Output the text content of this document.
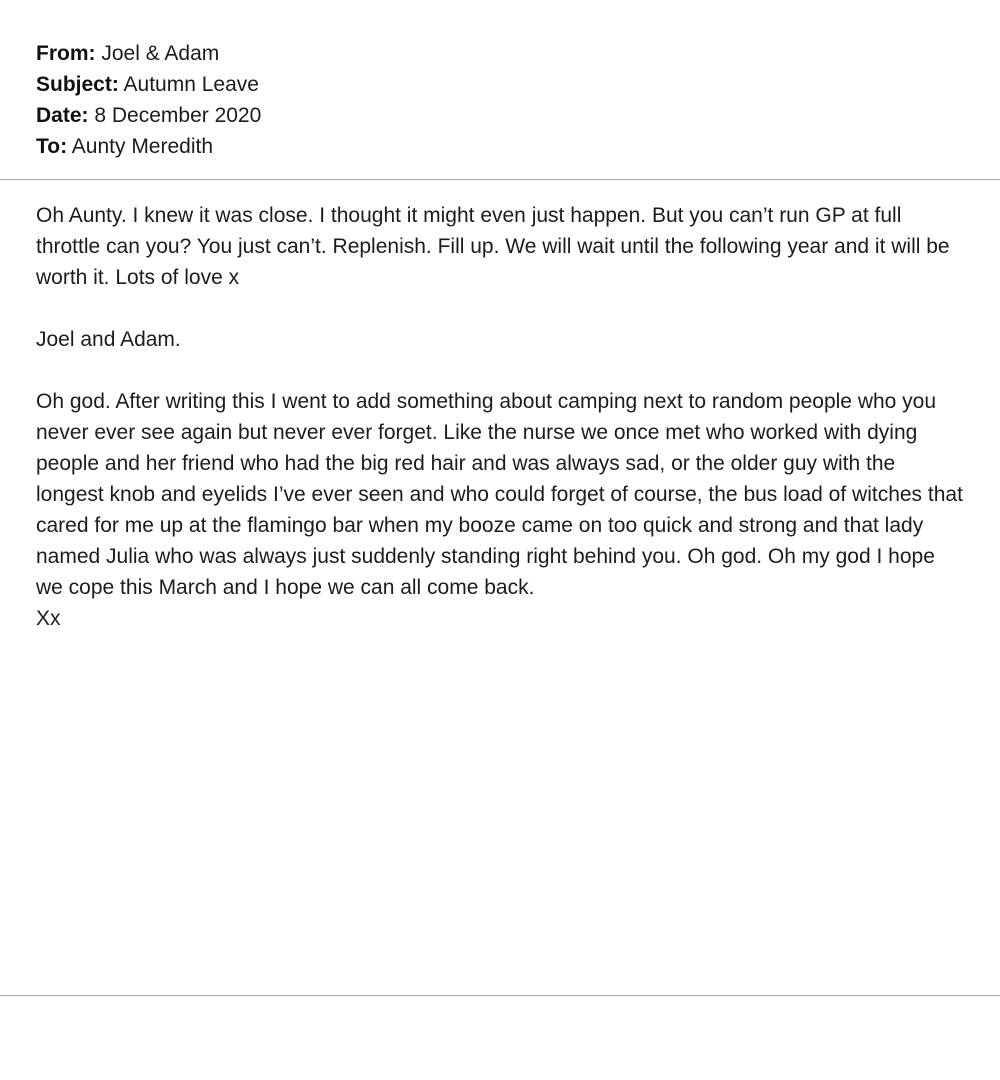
From: Joel & Adam
Subject: Autumn Leave
Date: 8 December 2020
To: Aunty Meredith

Oh Aunty. I knew it was close. I thought it might even just happen. But you can’t run GP at full throttle can you? You just can’t. Replenish. Fill up. We will wait until the following year and it will be worth it. Lots of love x

Joel and Adam.

Oh god. After writing this I went to add something about camping next to random people who you never ever see again but never ever forget. Like the nurse we once met who worked with dying people and her friend who had the big red hair and was always sad, or the older guy with the longest knob and eyelids I’ve ever seen and who could forget of course, the bus load of witches that cared for me up at the flamingo bar when my booze came on too quick and strong and that lady named Julia who was always just suddenly standing right behind you. Oh god. Oh my god I hope we cope this March and I hope we can all come back.

Xx
